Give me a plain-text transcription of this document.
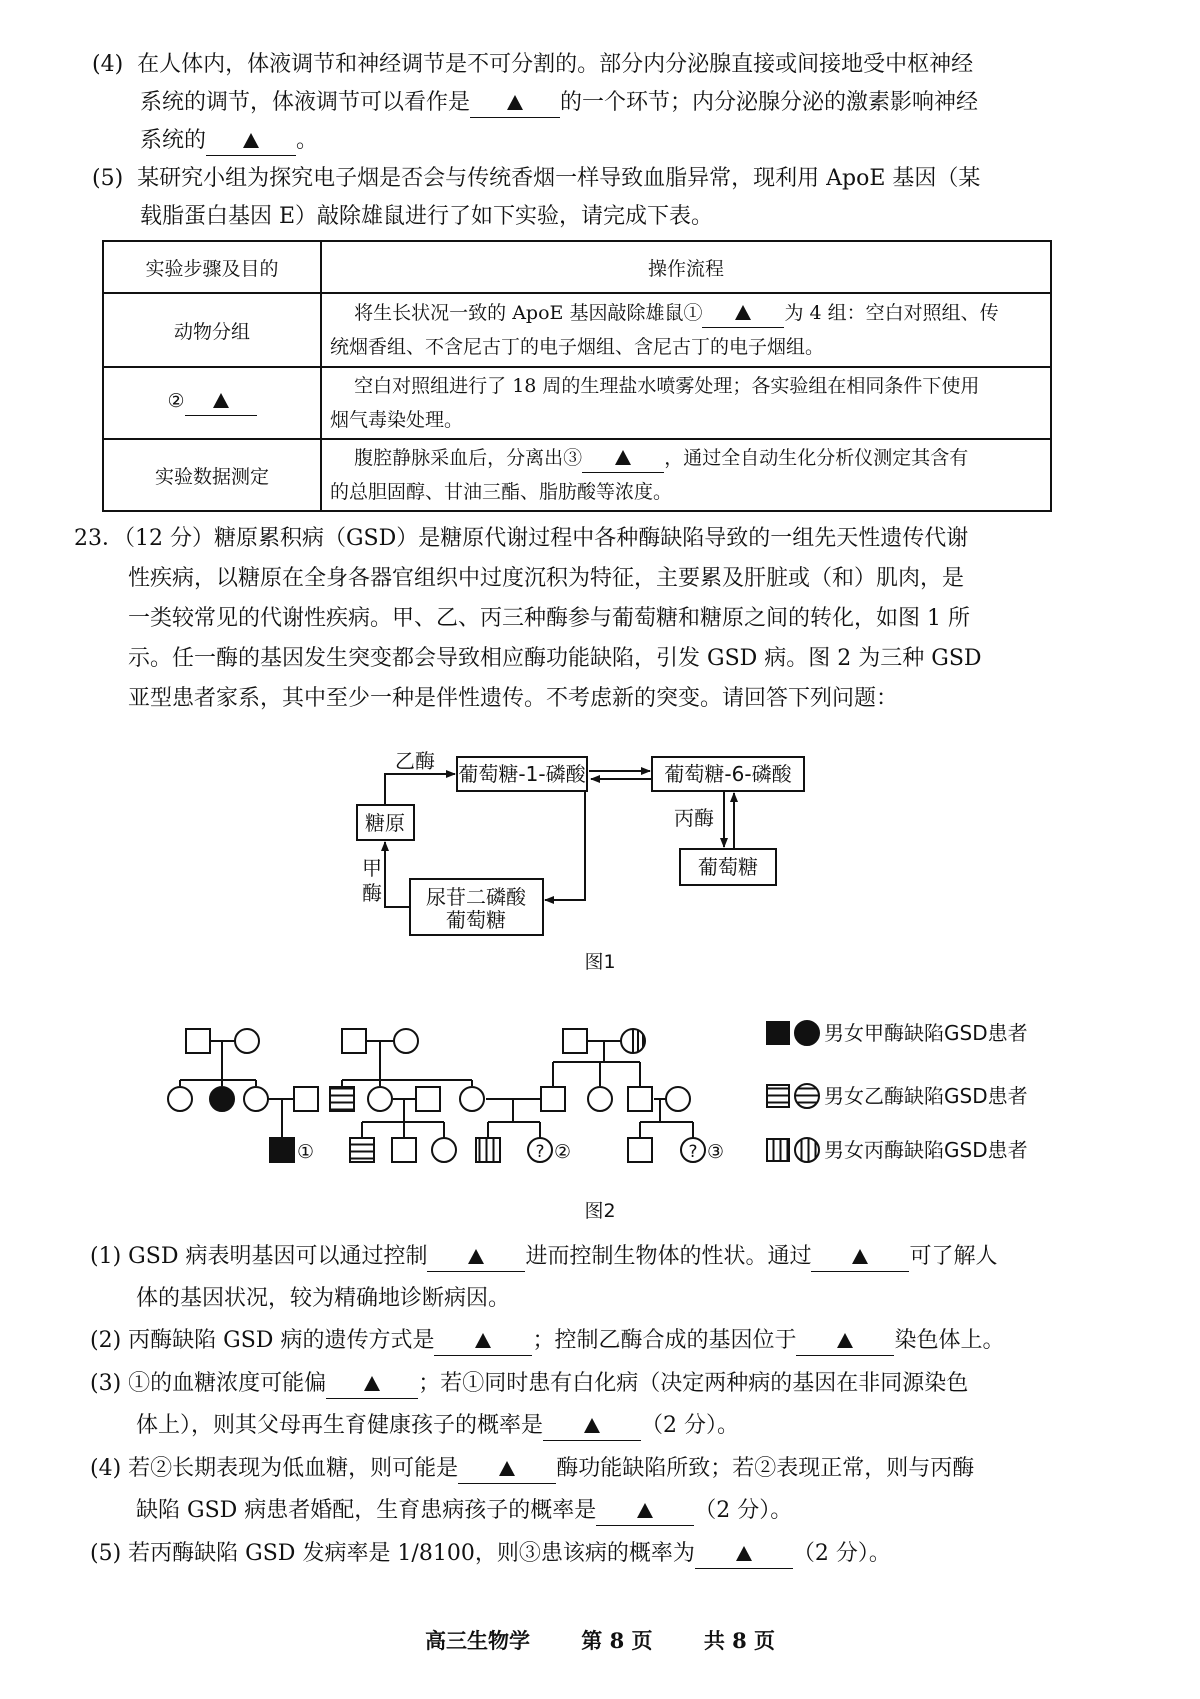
(4) 在人体内，体液调节和神经调节是不可分割的。部分内分泌腺直接或间接地受中枢神经
系统的调节，体液调节可以看作是	的一个环节；内分泌腺分泌的激素影响神经
系统的	。
(5) 某研究小组为探究电子烟是否会与传统香烟一样导致血脂异常，现利用 ApoE 基因（某
载脂蛋白基因 E）敲除雄鼠进行了如下实验，请完成下表。
实验步骤及目的	操作流程
动物分组	将生长状况一致的 ApoE 基因敲除雄鼠① 为 4 组：空白对照组、传
统烟香组、不含尼古丁的电子烟组、含尼古丁的电子烟组。
②	空白对照组进行了 18 周的生理盐水喷雾处理；各实验组在相同条件下使用
烟气毒染处理。
实验数据测定	腹腔静脉采血后，分离出③ ，通过全自动生化分析仪测定其含有
的总胆固醇、甘油三酯、脂肪酸等浓度。
23．（12 分）糖原累积病（GSD）是糖原代谢过程中各种酶缺陷导致的一组先天性遗传代谢
性疾病，以糖原在全身各器官组织中过度沉积为特征，主要累及肝脏或（和）肌肉，是
一类较常见的代谢性疾病。甲、乙、丙三种酶参与葡萄糖和糖原之间的转化，如图 1 所
示。任一酶的基因发生突变都会导致相应酶功能缺陷，引发 GSD 病。图 2 为三种 GSD
亚型患者家系，其中至少一种是伴性遗传。不考虑新的突变。请回答下列问题：
乙酶
葡萄糖-1-磷酸	葡萄糖-6-磷酸
糖原	丙酶
葡萄糖
甲
酶 尿苷二磷酸
葡萄糖
图1
?	?
①	②	③
男女甲酶缺陷GSD患者
男女乙酶缺陷GSD患者
男女丙酶缺陷GSD患者
图2
(1) GSD 病表明基因可以通过控制	进而控制生物体的性状。通过	可了解人
体的基因状况，较为精确地诊断病因。
(2) 丙酶缺陷 GSD 病的遗传方式是	；控制乙酶合成的基因位于	染色体上。
(3) ①的血糖浓度可能偏	；若①同时患有白化病（决定两种病的基因在非同源染色
体上），则其父母再生育健康孩子的概率是	（2 分）。
(4) 若②长期表现为低血糖，则可能是	酶功能缺陷所致；若②表现正常，则与丙酶
缺陷 GSD 病患者婚配，生育患病孩子的概率是	（2 分）。
(5) 若丙酶缺陷 GSD 发病率是 1/8100，则③患该病的概率为	（2 分）。
高三生物学 第 8 页 共 8 页
